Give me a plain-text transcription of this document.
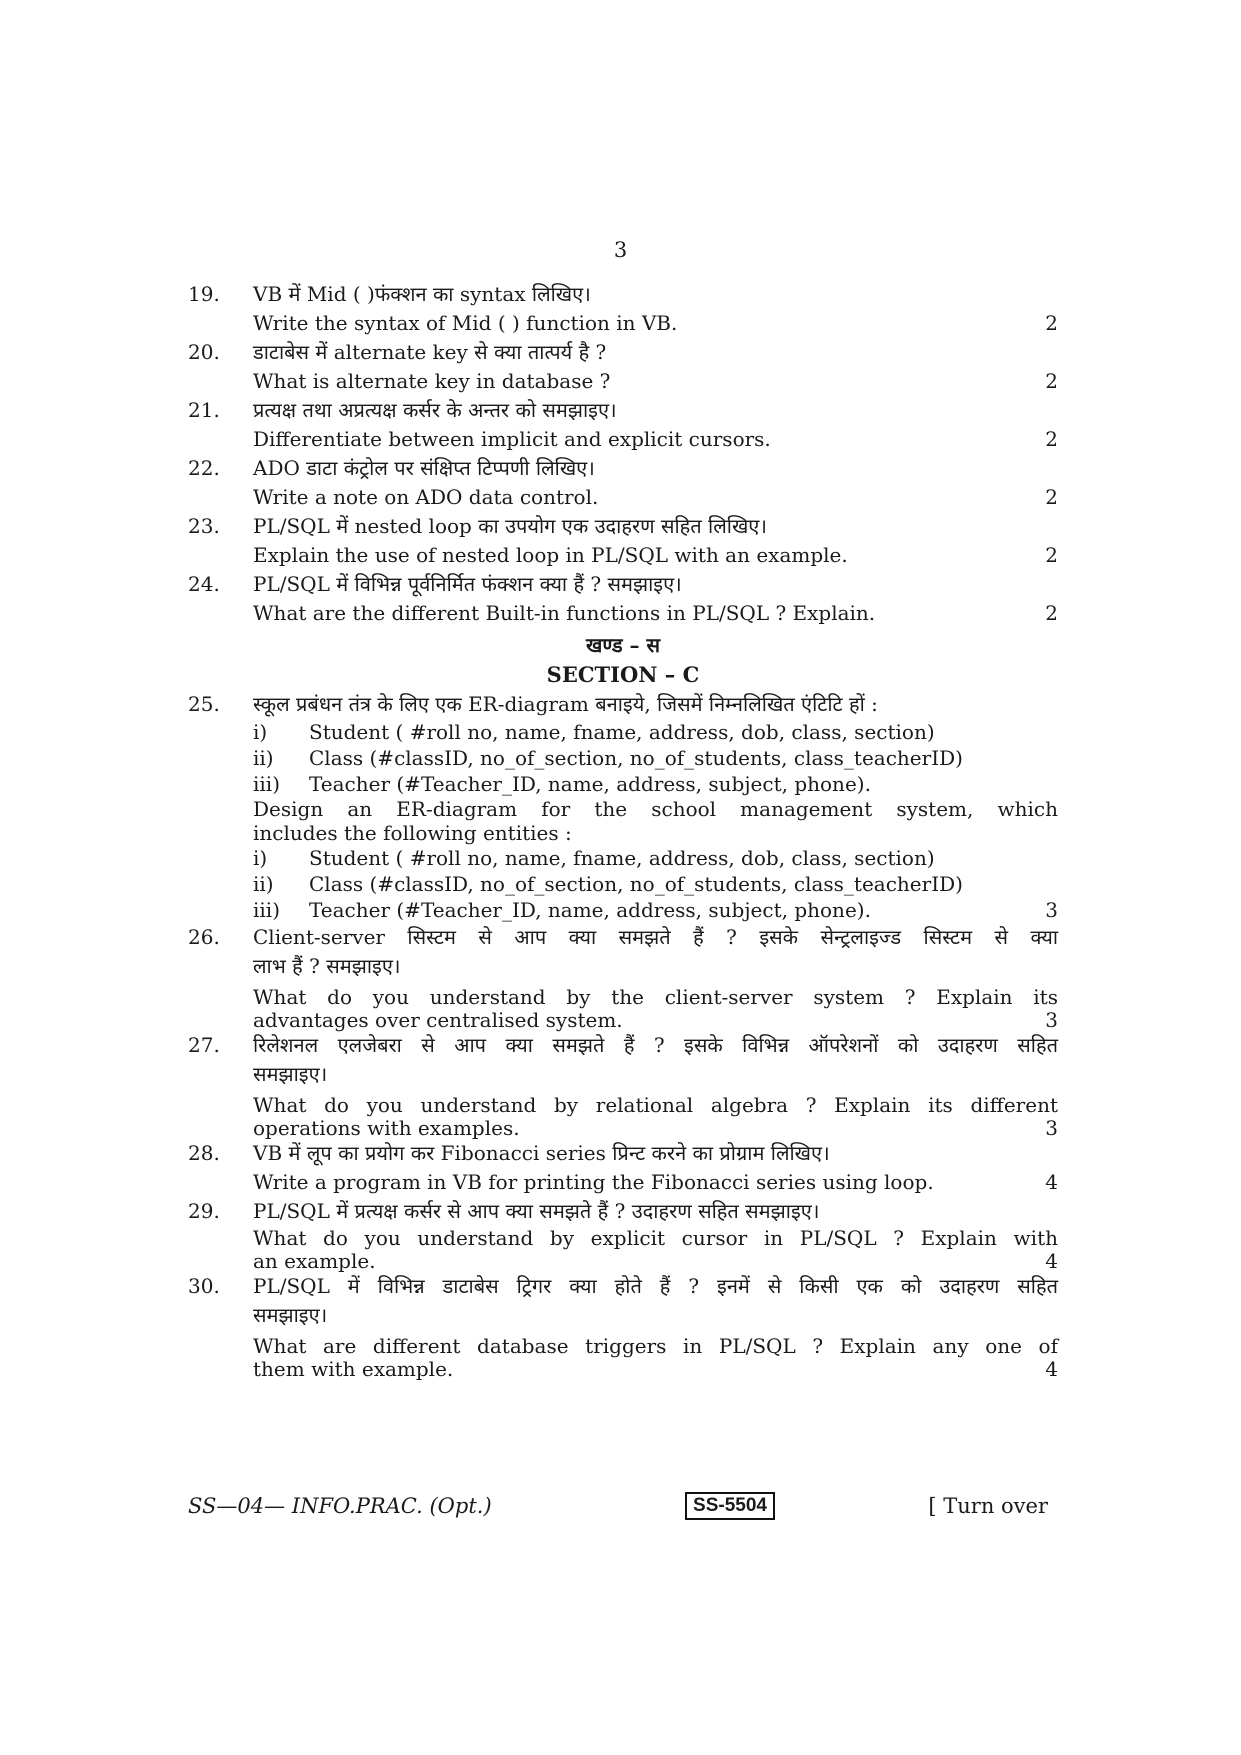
3
19.	VB में Mid ( )फंक्शन का syntax लिखिए।
Write the syntax of Mid ( ) function in VB.	2
20.	डाटाबेस में alternate key से क्या तात्पर्य है ?
What is alternate key in database ?	2
21.	प्रत्यक्ष तथा अप्रत्यक्ष कर्सर के अन्तर को समझाइए।
Differentiate between implicit and explicit cursors.	2
22.	ADO डाटा कंट्रोल पर संक्षिप्त टिप्पणी लिखिए।
Write a note on ADO data control.	2
23.	PL/SQL में nested loop का उपयोग एक उदाहरण सहित लिखिए।
Explain the use of nested loop in PL/SQL with an example.	2
24.	PL/SQL में विभिन्न पूर्वनिर्मित फंक्शन क्या हैं ? समझाइए।
What are the different Built-in functions in PL/SQL ? Explain.	2
खण्ड – स
SECTION – C
25.	स्कूल प्रबंधन तंत्र के लिए एक ER-diagram बनाइये, जिसमें निम्नलिखित एंटिटि हों :
i)	Student ( #roll no, name, fname, address, dob, class, section)
ii)	Class (#classID, no_of_section, no_of_students, class_teacherID)
iii)	Teacher (#Teacher_ID, name, address, subject, phone).
Design an ER-diagram for the school management system, which
includes the following entities :
i)	Student ( #roll no, name, fname, address, dob, class, section)
ii)	Class (#classID, no_of_section, no_of_students, class_teacherID)
iii)	Teacher (#Teacher_ID, name, address, subject, phone).	3
26.	Client-server सिस्टम से आप क्या समझते हैं ? इसके सेन्ट्रलाइज्ड सिस्टम से क्या
लाभ हैं ? समझाइए।
What do you understand by the client-server system ? Explain its
advantages over centralised system.	3
27.	रिलेशनल एलजेबरा से आप क्या समझते हैं ? इसके विभिन्न ऑपरेशनों को उदाहरण सहित
समझाइए।
What do you understand by relational algebra ? Explain its different
operations with examples.	3
28.	VB में लूप का प्रयोग कर Fibonacci series प्रिन्ट करने का प्रोग्राम लिखिए।
Write a program in VB for printing the Fibonacci series using loop.	4
29.	PL/SQL में प्रत्यक्ष कर्सर से आप क्या समझते हैं ? उदाहरण सहित समझाइए।
What do you understand by explicit cursor in PL/SQL ? Explain with
an example.	4
30.	PL/SQL में विभिन्न डाटाबेस ट्रिगर क्या होते हैं ? इनमें से किसी एक को उदाहरण सहित
समझाइए।
What are different database triggers in PL/SQL ? Explain any one of
them with example.	4
SS—04— INFO.PRAC. (Opt.)	SS-5504	[ Turn over
